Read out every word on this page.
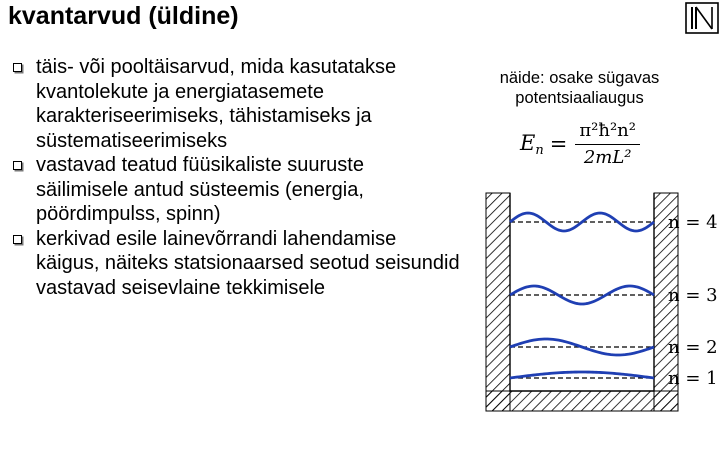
kvantarvud (üldine)
täis- või pooltäisarvud, mida kasutatakse kvantolekute ja energiatasemete karakteriseerimiseks, tähistamiseks ja süstematiseerimiseks
vastavad teatud füüsikaliste suuruste säilimisele antud süsteemis (energia, pöördimpulss, spinn)
kerkivad esile lainevõrrandi lahendamise käigus, näiteks statsionaarsed seotud seisundid vastavad seisevlaine tekkimisele
näide: osake sügavas
potentsiaaliaugus
$E_n = \frac{\text{π²ħ²n²}}{\text{2mL²}}$
n = 4
n = 3
n = 2
n = 1
